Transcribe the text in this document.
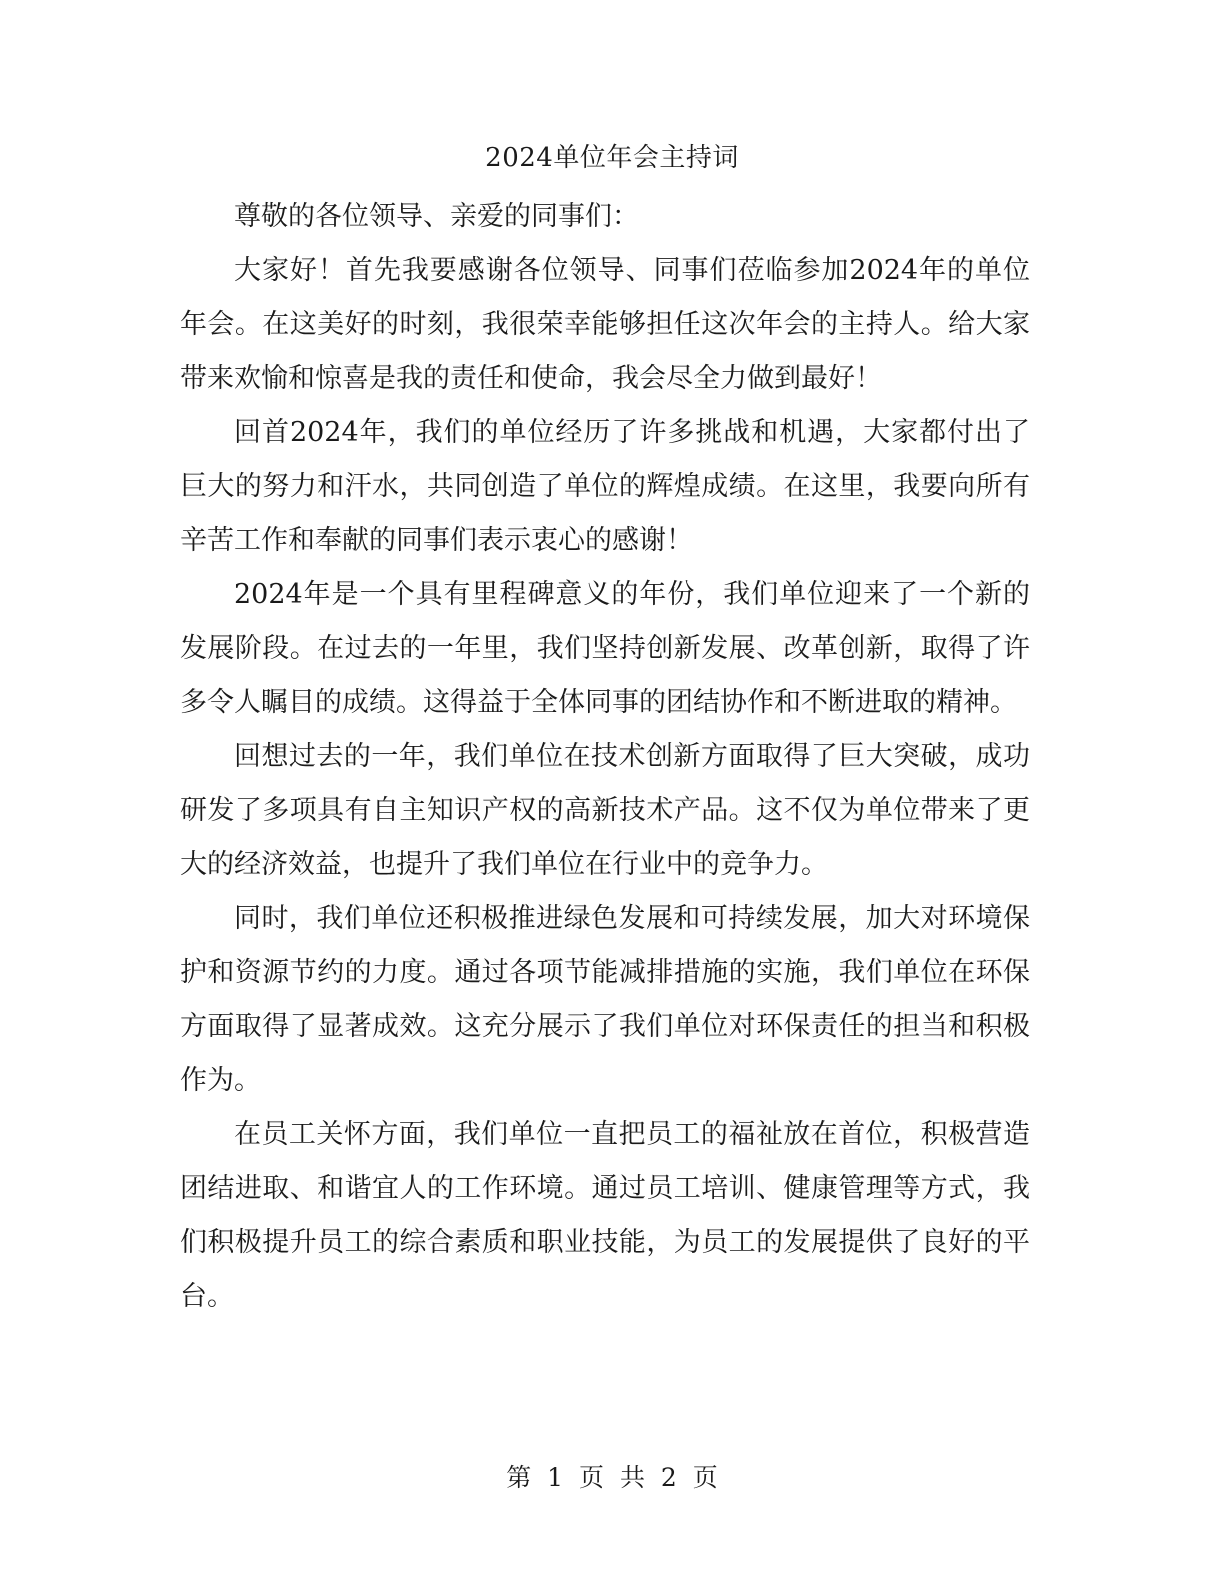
2024单位年会主持词

尊敬的各位领导、亲爱的同事们：

大家好！首先我要感谢各位领导、同事们莅临参加2024年的单位年会。在这美好的时刻，我很荣幸能够担任这次年会的主持人。给大家带来欢愉和惊喜是我的责任和使命，我会尽全力做到最好！

回首2024年，我们的单位经历了许多挑战和机遇，大家都付出了巨大的努力和汗水，共同创造了单位的辉煌成绩。在这里，我要向所有辛苦工作和奉献的同事们表示衷心的感谢！

2024年是一个具有里程碑意义的年份，我们单位迎来了一个新的发展阶段。在过去的一年里，我们坚持创新发展、改革创新，取得了许多令人瞩目的成绩。这得益于全体同事的团结协作和不断进取的精神。

回想过去的一年，我们单位在技术创新方面取得了巨大突破，成功研发了多项具有自主知识产权的高新技术产品。这不仅为单位带来了更大的经济效益，也提升了我们单位在行业中的竞争力。

同时，我们单位还积极推进绿色发展和可持续发展，加大对环境保护和资源节约的力度。通过各项节能减排措施的实施，我们单位在环保方面取得了显著成效。这充分展示了我们单位对环保责任的担当和积极作为。

在员工关怀方面，我们单位一直把员工的福祉放在首位，积极营造团结进取、和谐宜人的工作环境。通过员工培训、健康管理等方式，我们积极提升员工的综合素质和职业技能，为员工的发展提供了良好的平台。

第 1 页 共 2 页
